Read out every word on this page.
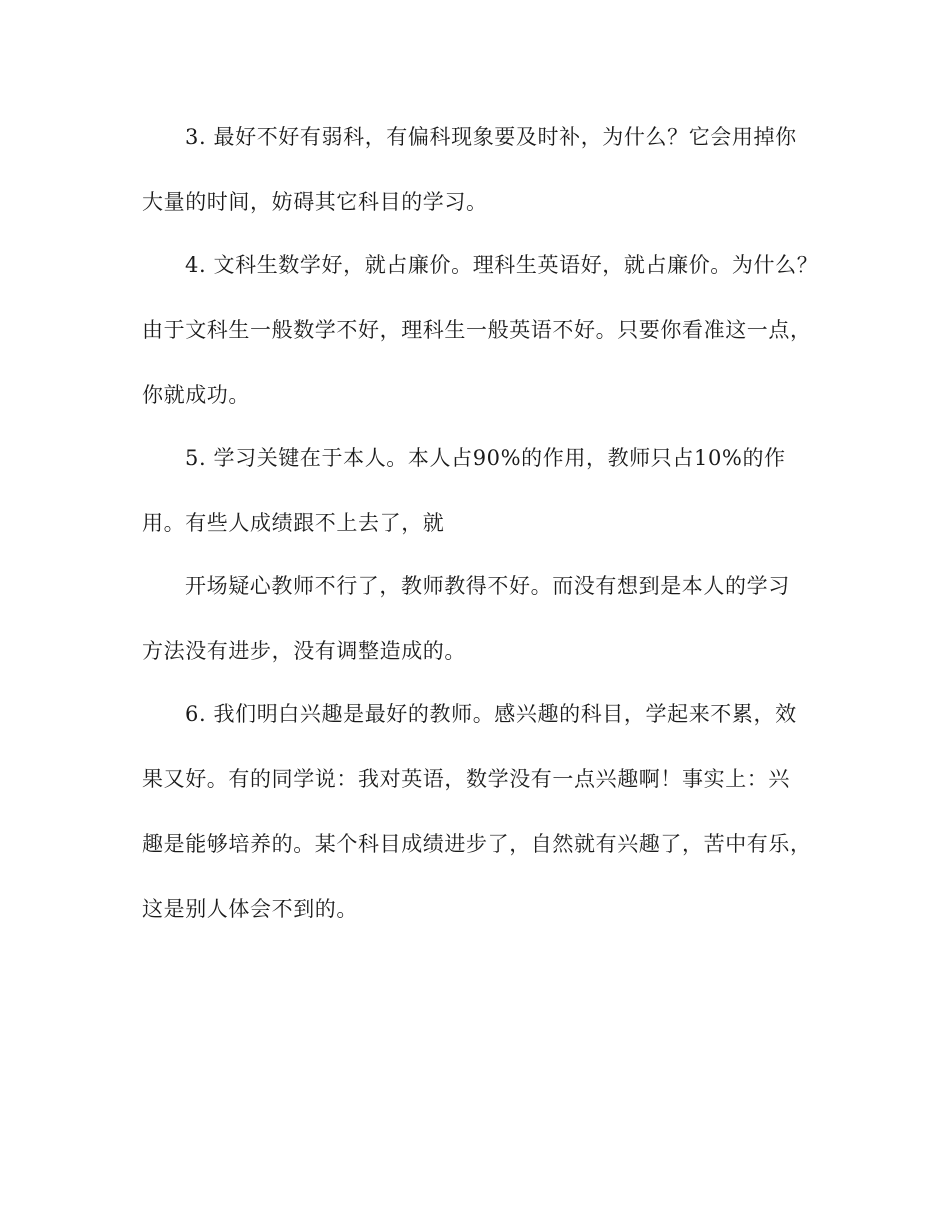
3. 最好不好有弱科，有偏科现象要及时补，为什么？它会用掉你
大量的时间，妨碍其它科目的学习。
4. 文科生数学好，就占廉价。理科生英语好，就占廉价。为什么？
由于文科生一般数学不好，理科生一般英语不好。只要你看准这一点，
你就成功。
5. 学习关键在于本人。本人占90%的作用，教师只占10%的作
用。有些人成绩跟不上去了，就
开场疑心教师不行了，教师教得不好。而没有想到是本人的学习
方法没有进步，没有调整造成的。
6. 我们明白兴趣是最好的教师。感兴趣的科目，学起来不累，效
果又好。有的同学说：我对英语，数学没有一点兴趣啊！事实上：兴
趣是能够培养的。某个科目成绩进步了，自然就有兴趣了，苦中有乐，
这是别人体会不到的。
